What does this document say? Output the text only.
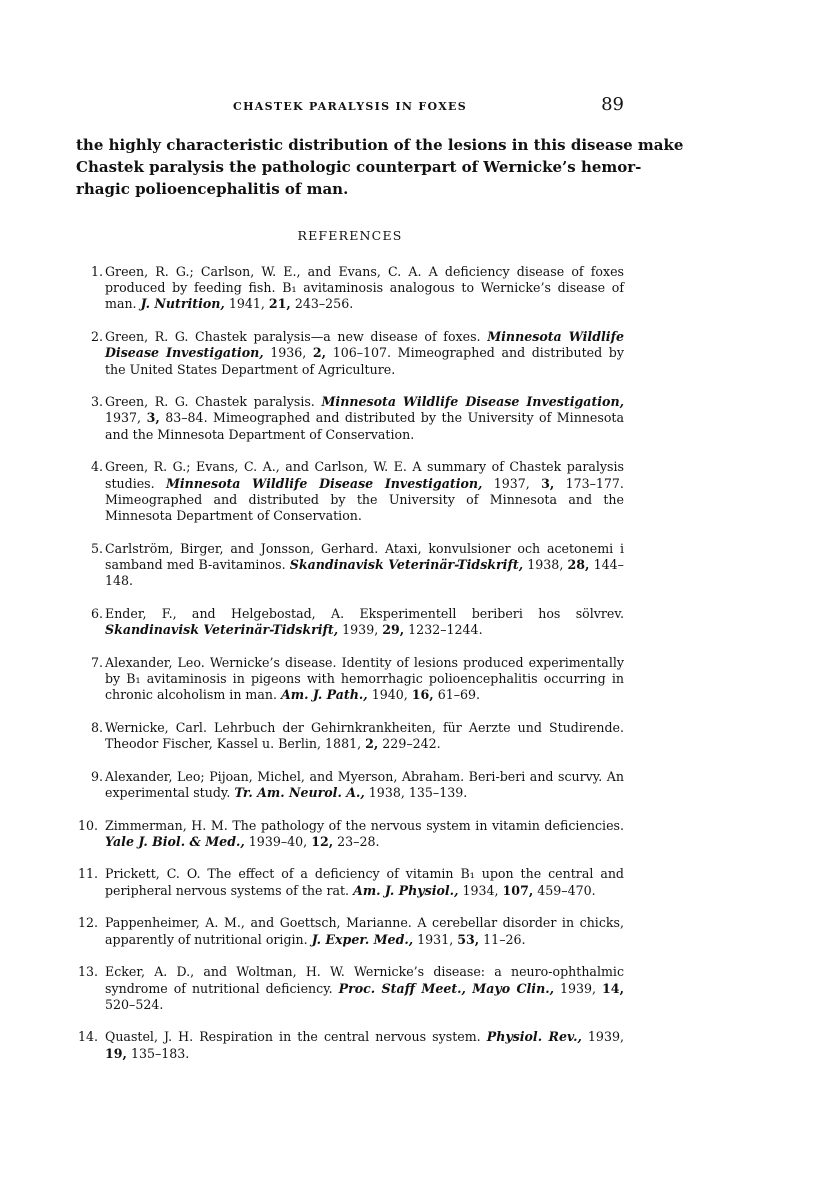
CHASTEK PARALYSIS IN FOXES	89

the highly characteristic distribution of the lesions in this disease make
Chastek paralysis the pathologic counterpart of Wernicke’s hemor-
rhagic polioencephalitis of man.

REFERENCES
1. Green, R. G.; Carlson, W. E., and Evans, C. A. A deficiency disease of foxes produced by feeding fish. B₁ avitaminosis analogous to Wernicke’s disease of man. J. Nutrition, 1941, 21, 243–256.
2. Green, R. G. Chastek paralysis—a new disease of foxes. Minnesota Wildlife Disease Investigation, 1936, 2, 106–107. Mimeographed and distributed by the United States Department of Agriculture.
3. Green, R. G. Chastek paralysis. Minnesota Wildlife Disease Investigation, 1937, 3, 83–84. Mimeographed and distributed by the University of Minnesota and the Minnesota Department of Conservation.
4. Green, R. G.; Evans, C. A., and Carlson, W. E. A summary of Chastek paralysis studies. Minnesota Wildlife Disease Investigation, 1937, 3, 173–177. Mimeographed and distributed by the University of Minnesota and the Minnesota Department of Conservation.
5. Carlström, Birger, and Jonsson, Gerhard. Ataxi, konvulsioner och acetonemi i samband med B-avitaminos. Skandinavisk Veterinär-Tidskrift, 1938, 28, 144–148.
6. Ender, F., and Helgebostad, A. Eksperimentell beriberi hos sölvrev. Skandinavisk Veterinär-Tidskrift, 1939, 29, 1232–1244.
7. Alexander, Leo. Wernicke’s disease. Identity of lesions produced experimentally by B₁ avitaminosis in pigeons with hemorrhagic polioencephalitis occurring in chronic alcoholism in man. Am. J. Path., 1940, 16, 61–69.
8. Wernicke, Carl. Lehrbuch der Gehirnkrankheiten, für Aerzte und Studirende. Theodor Fischer, Kassel u. Berlin, 1881, 2, 229–242.
9. Alexander, Leo; Pijoan, Michel, and Myerson, Abraham. Beri-beri and scurvy. An experimental study. Tr. Am. Neurol. A., 1938, 135–139.
10. Zimmerman, H. M. The pathology of the nervous system in vitamin deficiencies. Yale J. Biol. & Med., 1939–40, 12, 23–28.
11. Prickett, C. O. The effect of a deficiency of vitamin B₁ upon the central and peripheral nervous systems of the rat. Am. J. Physiol., 1934, 107, 459–470.
12. Pappenheimer, A. M., and Goettsch, Marianne. A cerebellar disorder in chicks, apparently of nutritional origin. J. Exper. Med., 1931, 53, 11–26.
13. Ecker, A. D., and Woltman, H. W. Wernicke’s disease: a neuro-ophthalmic syndrome of nutritional deficiency. Proc. Staff Meet., Mayo Clin., 1939, 14, 520–524.
14. Quastel, J. H. Respiration in the central nervous system. Physiol. Rev., 1939, 19, 135–183.
